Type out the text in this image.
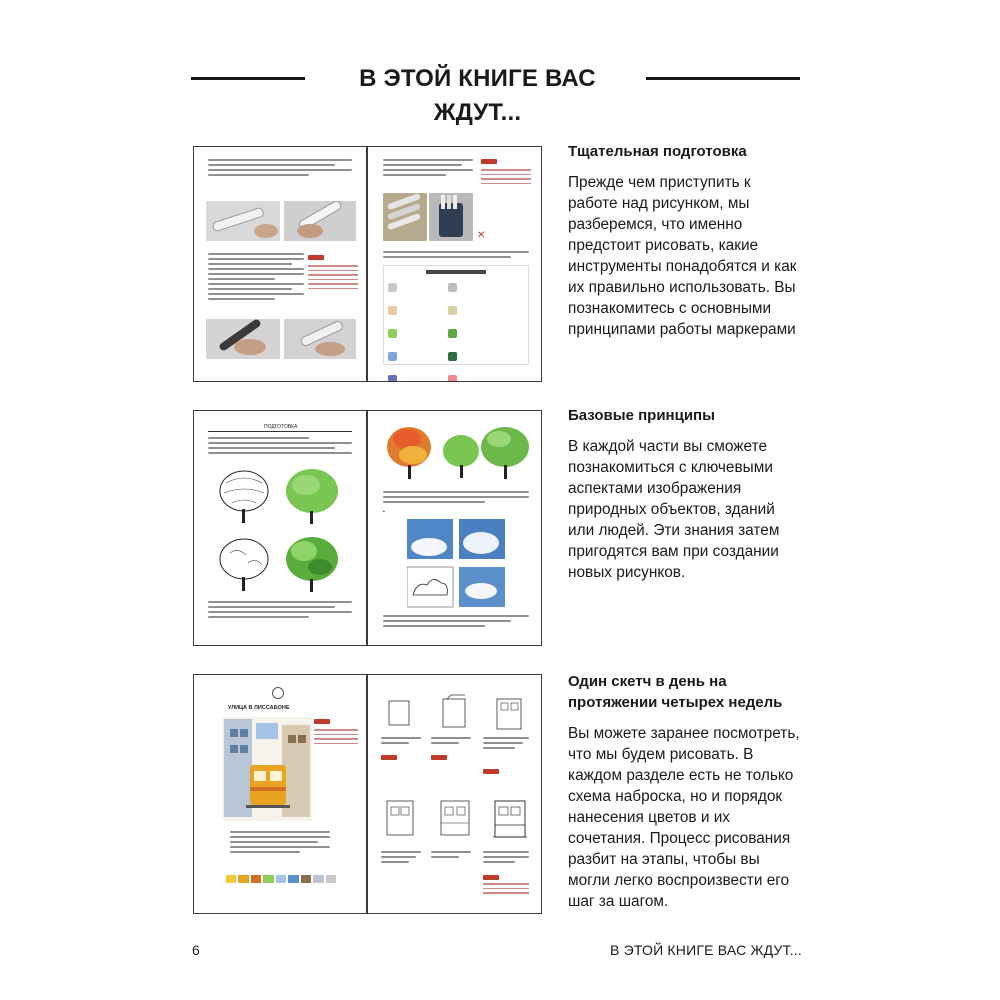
В ЭТОЙ КНИГЕ ВАС ЖДУТ...
✕
ПОДГОТОВКА
▪
УЛИЦА В ЛИССАБОНЕ
Тщательная подготовка

Прежде чем приступить к работе над рисунком, мы разберемся, что именно предстоит рисовать, какие инструменты понадобятся и как их правильно использовать. Вы познакомитесь с основными принципами работы маркерами

Базовые принципы

В каждой части вы сможете познакомиться с ключевыми аспектами изображения природных объектов, зданий или людей. Эти знания затем пригодятся вам при создании новых рисунков.

Один скетч в день на протяжении четырех недель

Вы можете заранее посмотреть, что мы будем рисовать. В каждом разделе есть не только схема наброска, но и порядок нанесения цветов и их сочетания. Процесс рисования разбит на этапы, чтобы вы могли легко воспроизвести его шаг за шагом.

6	В ЭТОЙ КНИГЕ ВАС ЖДУТ...
